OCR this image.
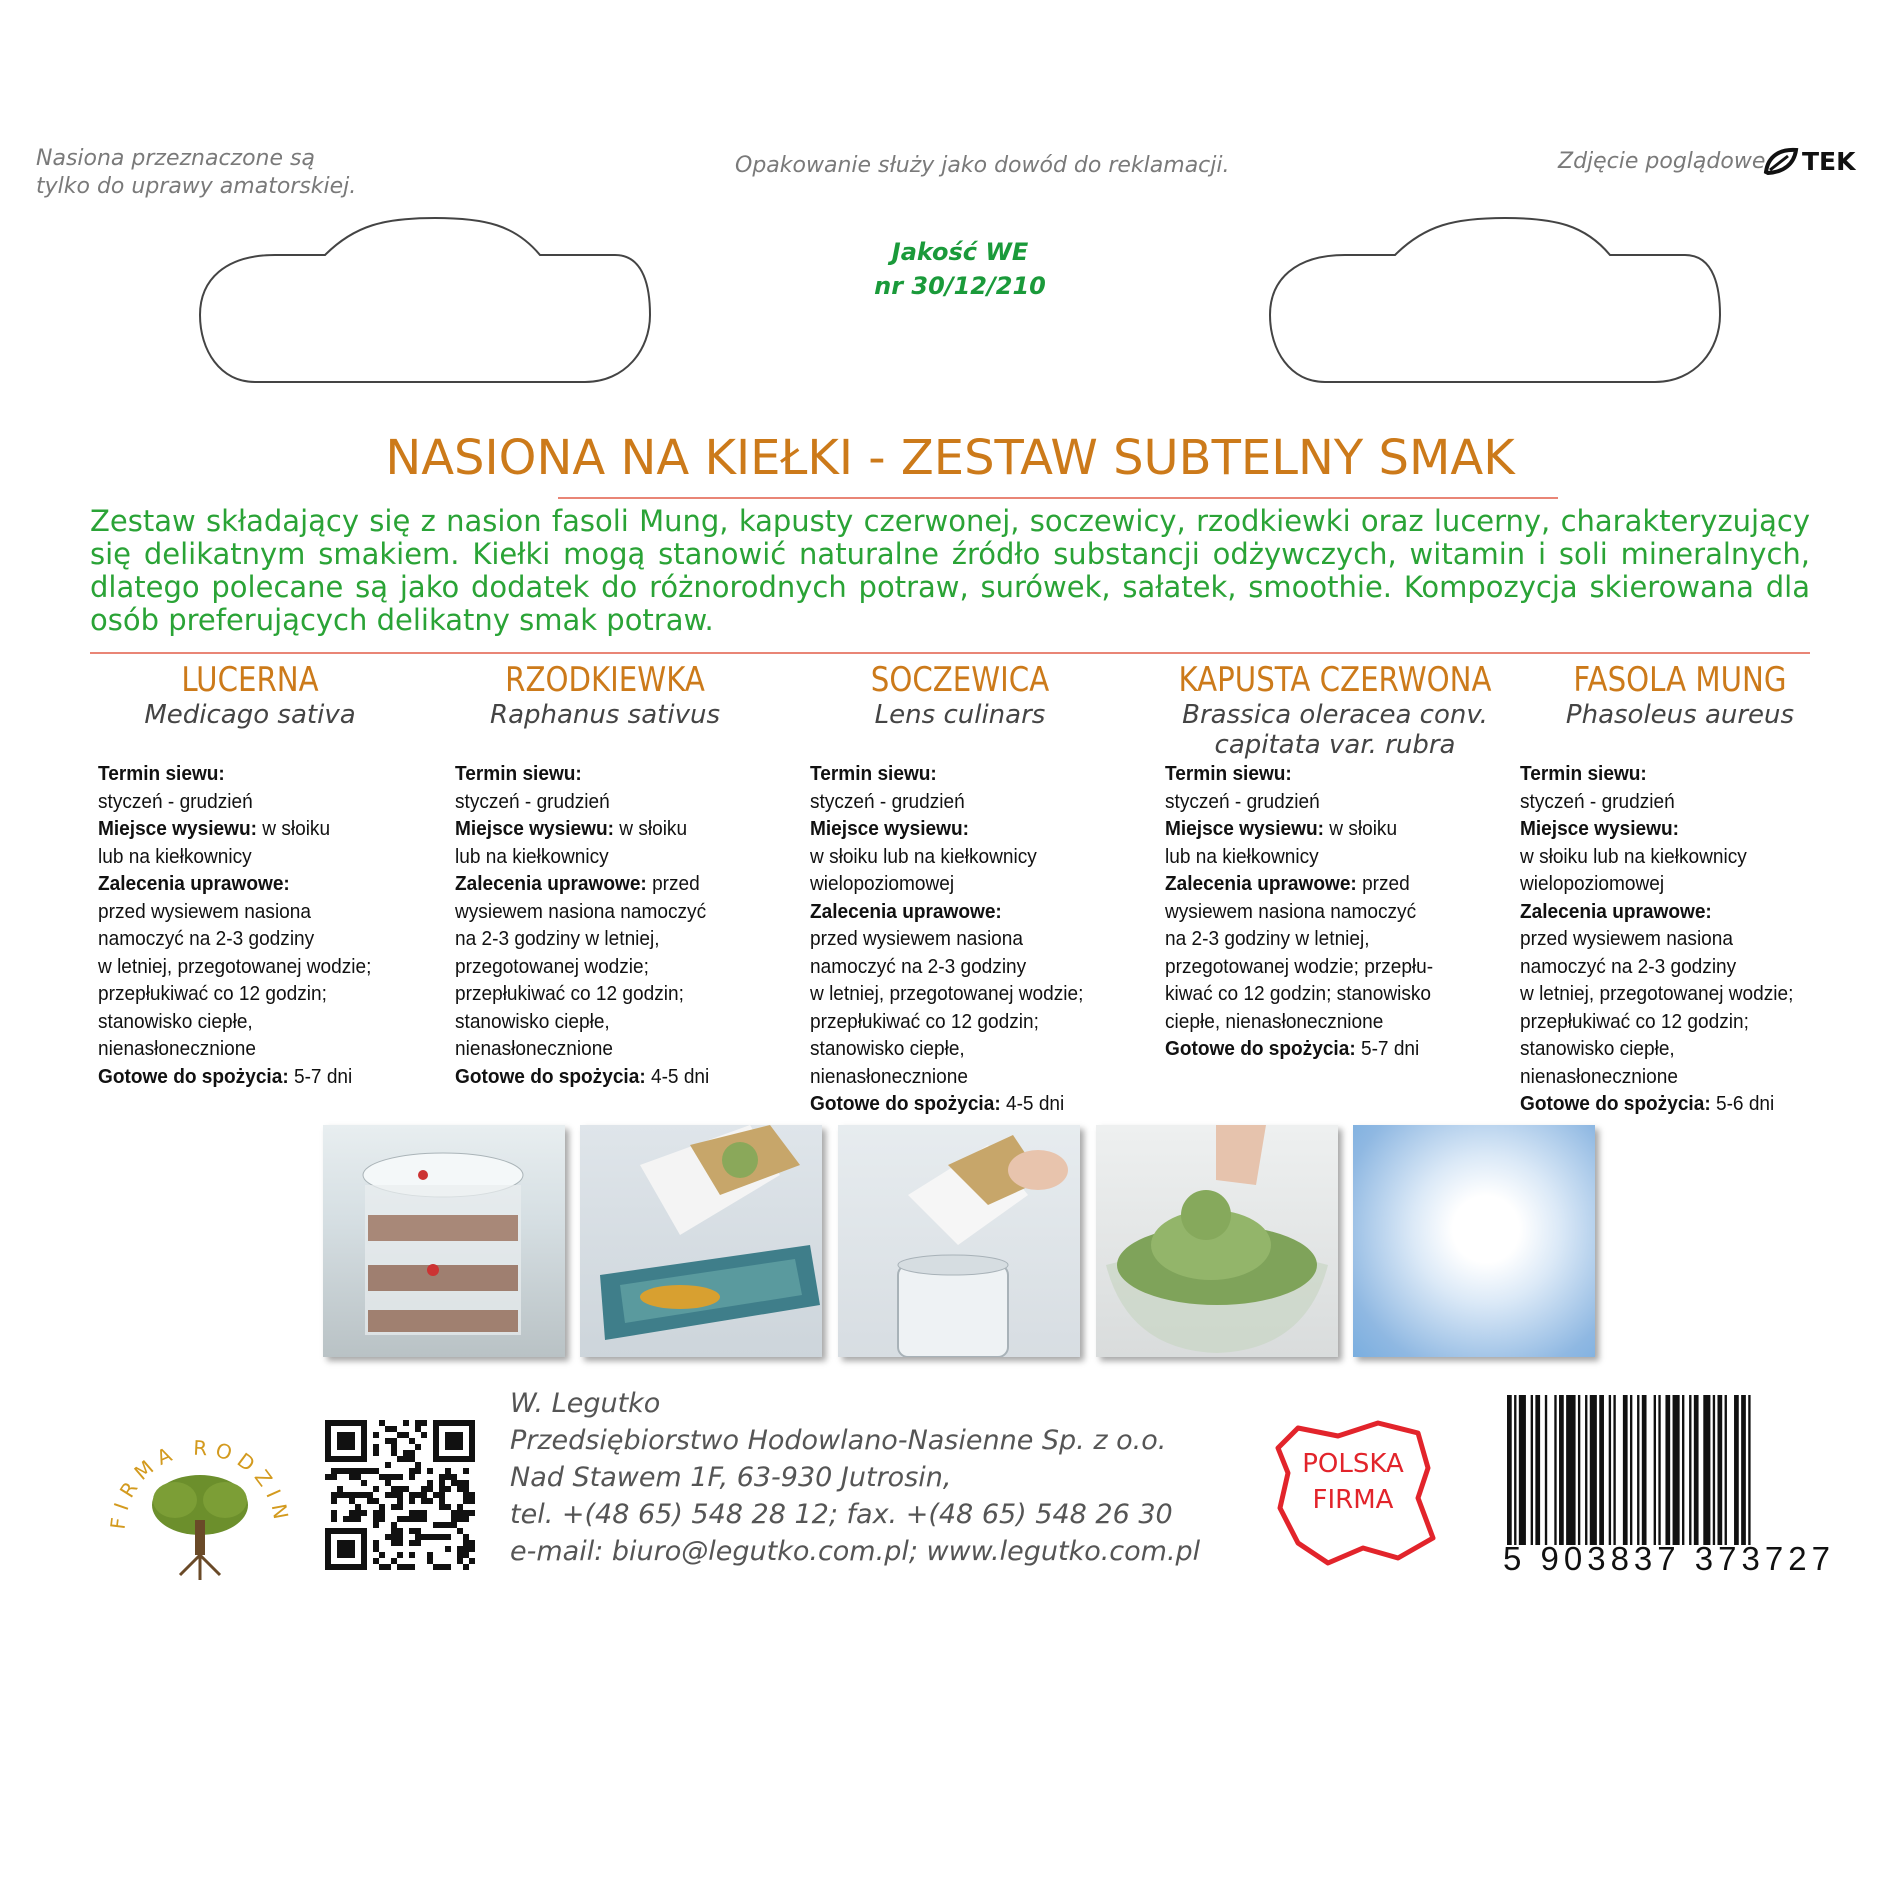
Nasiona przeznaczone są
tylko do uprawy amatorskiej.
Opakowanie służy jako dowód do reklamacji.	Zdjęcie poglądowe TEK
Jakość WE
nr 30/12/210
NASIONA NA KIEŁKI - ZESTAW SUBTELNY SMAK
Zestaw składający się z nasion fasoli Mung, kapusty czerwonej, soczewicy, rzodkiewki oraz lucerny, charakteryzujący się delikatnym smakiem. Kiełki mogą stanowić naturalne źródło substancji odżywczych, witamin i soli mineralnych, dlatego polecane są jako dodatek do różnorodnych potraw, surówek, sałatek, smoothie. Kompozycja skierowana dla osób preferujących delikatny smak potraw.
LUCERNA
Medicago sativa
RZODKIEWKA
Raphanus sativus
SOCZEWICA
Lens culinars
KAPUSTA CZERWONA
Brassica oleracea conv. capitata var. rubra
FASOLA MUNG
Phasoleus aureus
Termin siewu:
styczeń - grudzień
Miejsce wysiewu: w słoiku
lub na kiełkownicy
Zalecenia uprawowe:
przed wysiewem nasiona
namoczyć na 2-3 godziny
w letniej, przegotowanej wodzie;
przepłukiwać co 12 godzin;
stanowisko ciepłe,
nienasłonecznione
Gotowe do spożycia: 5-7 dni
Termin siewu:
styczeń - grudzień
Miejsce wysiewu: w słoiku
lub na kiełkownicy
Zalecenia uprawowe: przed
wysiewem nasiona namoczyć
na 2-3 godziny w letniej,
przegotowanej wodzie;
przepłukiwać co 12 godzin;
stanowisko ciepłe,
nienasłonecznione
Gotowe do spożycia: 4-5 dni
Termin siewu:
styczeń - grudzień
Miejsce wysiewu:
w słoiku lub na kiełkownicy
wielopoziomowej
Zalecenia uprawowe:
przed wysiewem nasiona
namoczyć na 2-3 godziny
w letniej, przegotowanej wodzie;
przepłukiwać co 12 godzin;
stanowisko ciepłe,
nienasłonecznione
Gotowe do spożycia: 4-5 dni
Termin siewu:
styczeń - grudzień
Miejsce wysiewu: w słoiku
lub na kiełkownicy
Zalecenia uprawowe: przed
wysiewem nasiona namoczyć
na 2-3 godziny w letniej,
przegotowanej wodzie; przepłu-
kiwać co 12 godzin; stanowisko
ciepłe, nienasłonecznione
Gotowe do spożycia: 5-7 dni
Termin siewu:
styczeń - grudzień
Miejsce wysiewu:
w słoiku lub na kiełkownicy
wielopoziomowej
Zalecenia uprawowe:
przed wysiewem nasiona
namoczyć na 2-3 godziny
w letniej, przegotowanej wodzie;
przepłukiwać co 12 godzin;
stanowisko ciepłe,
nienasłonecznione
Gotowe do spożycia: 5-6 dni
FIRMA RODZIN
W. Legutko
Przedsiębiorstwo Hodowlano-Nasienne Sp. z o.o.
Nad Stawem 1F, 63-930 Jutrosin,
tel. +(48 65) 548 28 12; fax. +(48 65) 548 26 30
e-mail: biuro@legutko.com.pl; www.legutko.com.pl
POLSKA
FIRMA
5 903837 373727
